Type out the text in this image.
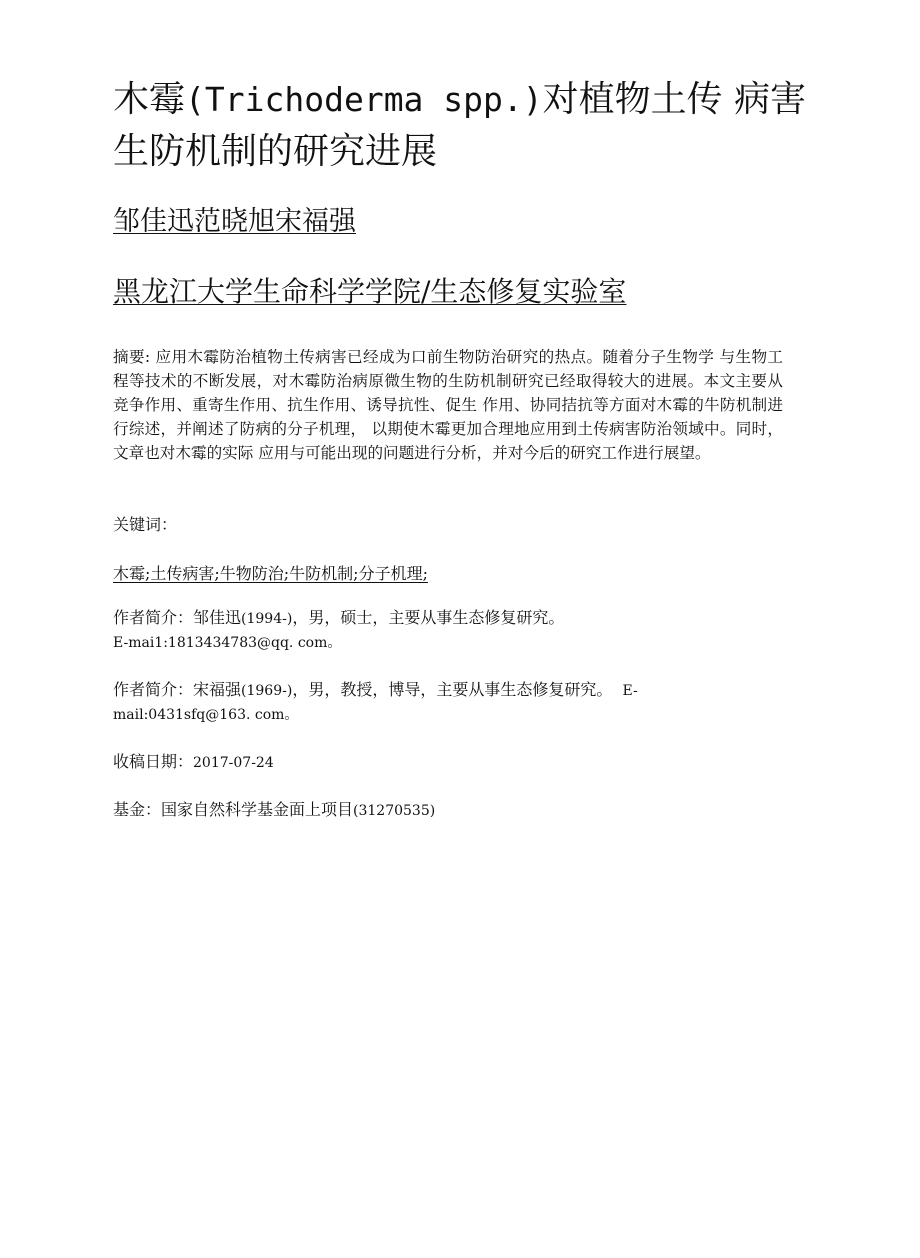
木霉(Trichoderma spp.)对植物土传 病害生防机制的研究进展

邹佳迅范晓旭宋福强

黑龙江大学生命科学学院/生态修复实验室

摘要: 应用木霉防治植物土传病害已经成为口前生物防治研究的热点。随着分子生物学 与生物工程等技术的不断发展，对木霉防治病原微生物的生防机制研究已经取得较大的进展。本文主要从竞争作用、重寄生作用、抗生作用、诱导抗性、促生 作用、协同拮抗等方面对木霉的牛防机制进行综述，并阐述了防病的分子机理， 以期使木霉更加合理地应用到土传病害防治领域中。同时，文章也对木霉的实际 应用与可能出现的问题进行分析，并对今后的研究工作进行展望。

关键词：

木霉;土传病害;牛物防治;牛防机制;分子机理;

作者简介：邹佳迅(1994-)，男，硕士，主要从事生态修复研究。
E-mai1:1813434783@qq. com。

作者简介：宋福强(1969-)，男，教授，博导，主要从事生态修复研究。 E-
mail:0431sfq@163. com。

收稿日期：2017-07-24

基金：国家自然科学基金面上项目(31270535)
